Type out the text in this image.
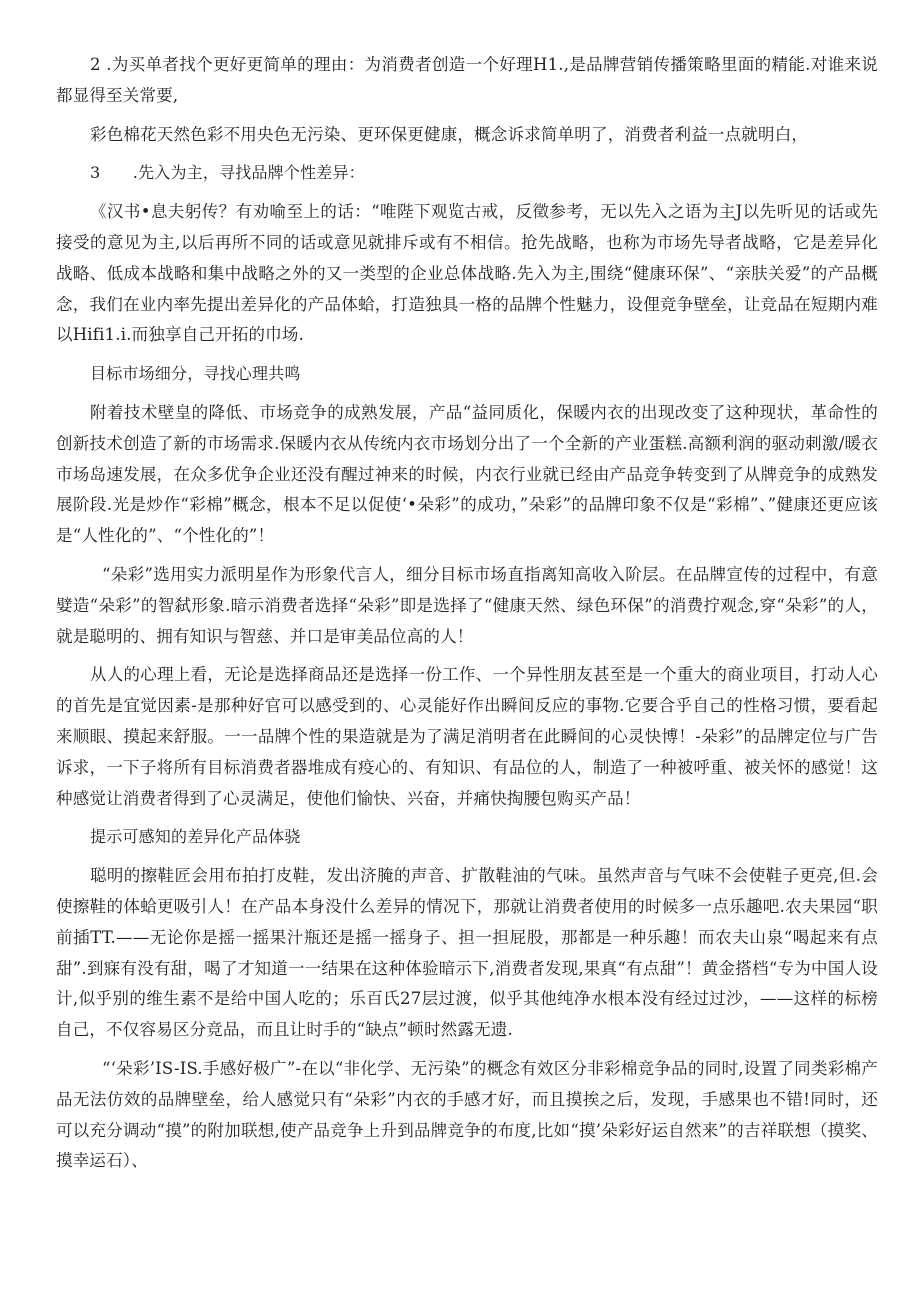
2 .为买单者找个更好更简单的理由：为消费者创造一个好理H1.,是品牌营销传播策略里面的精能.对谁来说都显得至关常要,

彩色棉花天然色彩不用央色无污染、更环保更健康，概念诉求简单明了，消费者利益一点就明白，

3　　.先入为主，寻找品牌个性差异：

《汉书•息夫躬传？有劝喻至上的话：“唯陛下观览古戒，反徵参考，无以先入之语为主J以先听见的话或先接受的意见为主,以后再所不同的话或意见就排斥或有不相信。抢先战略，也称为市场先导者战略，它是差异化战略、低成本战略和集中战略之外的又一类型的企业总体战略.先入为主,围绕“健康环保”、“亲肤关爱”的产品概念，我们在业内率先提出差异化的产品体蛤，打造独具一格的品牌个性魅力，设俚竞争壁垒，让竞品在短期内难以Hifi1.i.而独享自己开拓的巾场.

目标市场细分，寻找心理共鸣

附着技术壁皇的降低、市场竞争的成熟发展，产品“益同质化，保暖内衣的出现改变了这种现状，革命性的创新技术创造了新的市场需求.保暖内衣从传统内衣市场划分出了一个全新的产业蛋糕.高额利润的驱动刺激/暖衣市场岛速发展，在众多优争企业还没有醒过神来的时候，内衣行业就已经由产品竞争转变到了从牌竞争的成熟发展阶段.光是炒作“彩棉”概念，根本不足以促使‘•朵彩”的成功，”朵彩”的品牌印象不仅是“彩棉”、”健康还更应该是“人性化的”、“个性化的”！

“朵彩”选用实力派明星作为形象代言人，细分目标市场直指离知高收入阶层。在品牌宣传的过程中，有意嬖造“朵彩”的智弑形象.暗示消费者选择“朵彩”即是选择了“健康天然、绿色环保”的消费拧观念,穿“朵彩”的人，就是聪明的、拥有知识与智慈、并口是审美品位高的人！

从人的心理上看，无论是选择商品还是选择一份工作、一个异性朋友甚至是一个重大的商业项目，打动人心的首先是宜觉因素-是那种好官可以感受到的、心灵能好作出瞬间反应的事物.它要合乎自己的性格习惯，要看起来顺眼、摸起来舒服。一一品牌个性的果造就是为了满足消明者在此瞬间的心灵快博！-朵彩”的品牌定位与广告诉求，一下子将所有目标消费者器堆成有疫心的、有知识、有品位的人，制造了一种被呼重、被关怀的感觉！这种感觉让消费者得到了心灵满足，使他们愉快、兴奋，并痛快掏腰包购买产品！

提示可感知的差异化产品体骁

聪明的擦鞋匠会用布拍打皮鞋，发出济腌的声音、扩散鞋油的气味。虽然声音与气味不会使鞋子更亮,但.会使擦鞋的体蛤更吸引人！在产品本身没什么差异的情况下，那就让消费者使用的时候多一点乐趣吧.农夫果园“职前插TT.——无论你是摇一摇果汁瓶还是摇一摇身子、担一担屁股，那都是一种乐趣！而农夫山泉“喝起来有点甜”.到寐有没有甜，喝了才知道一一结果在这种体验暗示下,消费者发现,果真“有点甜”！黄金搭档“专为中国人设计,似乎别的维生素不是给中国人吃的；乐百氏27层过渡，似乎其他纯净水根本没有经过过沙，——这样的标榜自己，不仅容易区分竞品，而且让时手的“缺点”顿时然露无遗.

“‘朵彩’IS-IS.手感好极广”-在以“非化学、无污染”的概念有效区分非彩棉竞争品的同时,设置了同类彩棉产品无法仿效的品牌壁垒，给人感觉只有“朵彩”内衣的手感才好，而且摸挨之后，发现，手感果也不错!同时，还可以充分调动“摸”的附加联想,使产品竞争上升到品牌竞争的布度,比如“摸’朵彩好运自然来”的吉祥联想（摸奖、摸幸运石）、
